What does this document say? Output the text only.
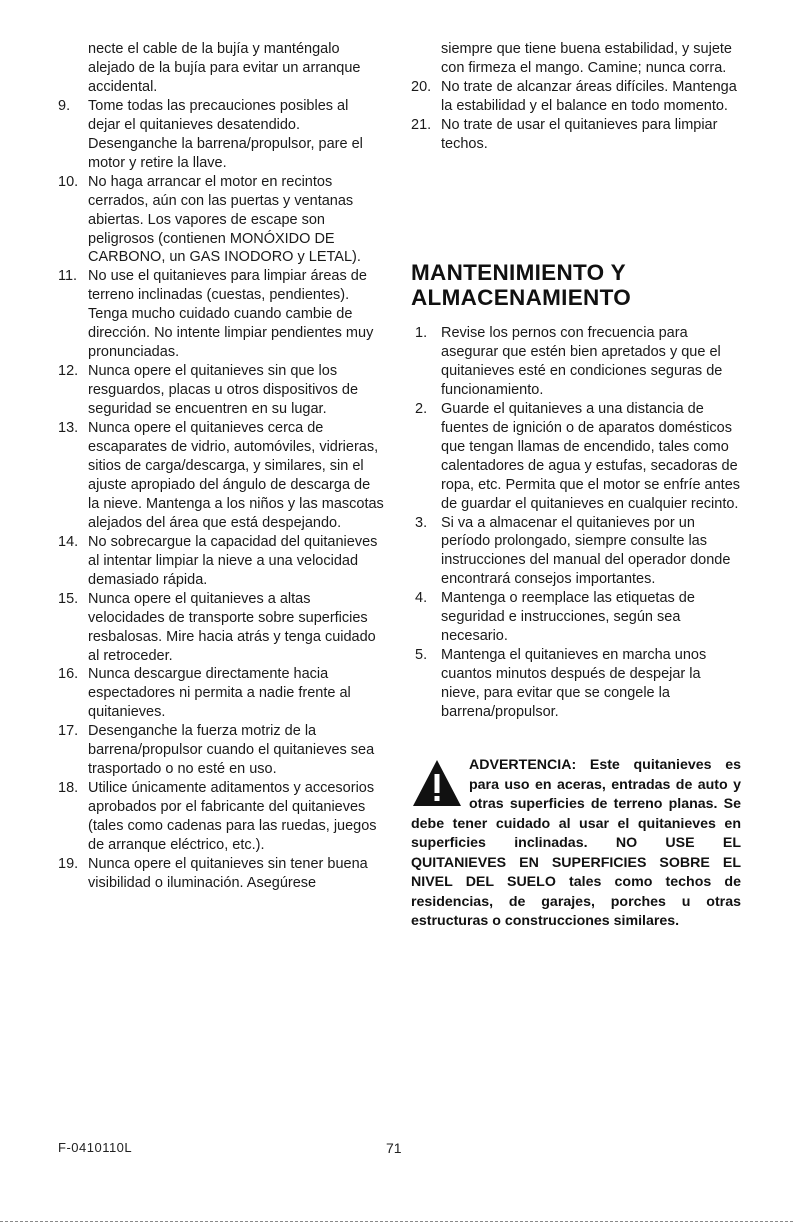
necte el cable de la bujía y manténgalo alejado de la bujía para evitar un arranque accidental.

9.	Tome todas las precauciones posibles al dejar el quitanieves desatendido. Desenganche la barrena/propulsor, pare el motor y retire la llave.

10. No haga arrancar el motor en recintos cerrados, aún con las puertas y ventanas abiertas. Los vapores de escape son peligrosos (contienen MONÓXIDO DE CARBONO, un GAS INODORO y LETAL).

11. No use el quitanieves para limpiar áreas de terreno inclinadas (cuestas, pendientes). Tenga mucho cuidado cuando cambie de dirección. No intente limpiar pendientes muy pronunciadas.

12. Nunca opere el quitanieves sin que los resguardos, placas u otros dispositivos de seguridad se encuentren en su lugar.

13. Nunca opere el quitanieves cerca de escaparates de vidrio, automóviles, vidrieras, sitios de carga/descarga, y similares, sin el ajuste apropiado del ángulo de descarga de la nieve. Mantenga a los niños y las mascotas alejados del área que está despejando.

14. No sobrecargue la capacidad del quitanieves al intentar limpiar la nieve a una velocidad demasiado rápida.

15. Nunca opere el quitanieves a altas velocidades de transporte sobre superficies resbalosas. Mire hacia atrás y tenga cuidado al retroceder.

16. Nunca descargue directamente hacia espectadores ni permita a nadie frente al quitanieves.

17. Desenganche la fuerza motriz de la barrena/propulsor cuando el quitanieves sea trasportado o no esté en uso.

18. Utilice únicamente aditamentos y accesorios aprobados por el fabricante del quitanieves (tales como cadenas para las ruedas, juegos de arranque eléctrico, etc.).

19. Nunca opere el quitanieves sin tener buena visibilidad o iluminación. Asegúrese

siempre que tiene buena estabilidad, y sujete con firmeza el mango. Camine; nunca corra.

20. No trate de alcanzar áreas difíciles. Mantenga la estabilidad y el balance en todo momento.

21. No trate de usar el quitanieves para limpiar techos.

MANTENIMIENTO Y
ALMACENAMIENTO

1. Revise los pernos con frecuencia para asegurar que estén bien apretados y que el quitanieves esté en condiciones seguras de funcionamiento.

2. Guarde el quitanieves a una distancia de fuentes de ignición o de aparatos domésticos que tengan llamas de encendido, tales como calentadores de agua y estufas, secadoras de ropa, etc. Permita que el motor se enfríe antes de guardar el quitanieves en cualquier recinto.

3. Si va a almacenar el quitanieves por un período prolongado, siempre consulte las instrucciones del manual del operador donde encontrará consejos importantes.

4. Mantenga o reemplace las etiquetas de seguridad e instrucciones, según sea necesario.

5. Mantenga el quitanieves en marcha unos cuantos minutos después de despejar la nieve, para evitar que se congele la barrena/propulsor.

ADVERTENCIA: Este quitanieves es para uso en aceras, entradas de auto y otras superficies de terreno planas. Se debe tener cuidado al usar el quitanieves en superficies inclinadas. NO USE EL QUITANIEVES EN SUPERFICIES SOBRE EL NIVEL DEL SUELO tales como techos de residencias, de garajes, porches u otras estructuras o construcciones similares.
F-0410110L	71
